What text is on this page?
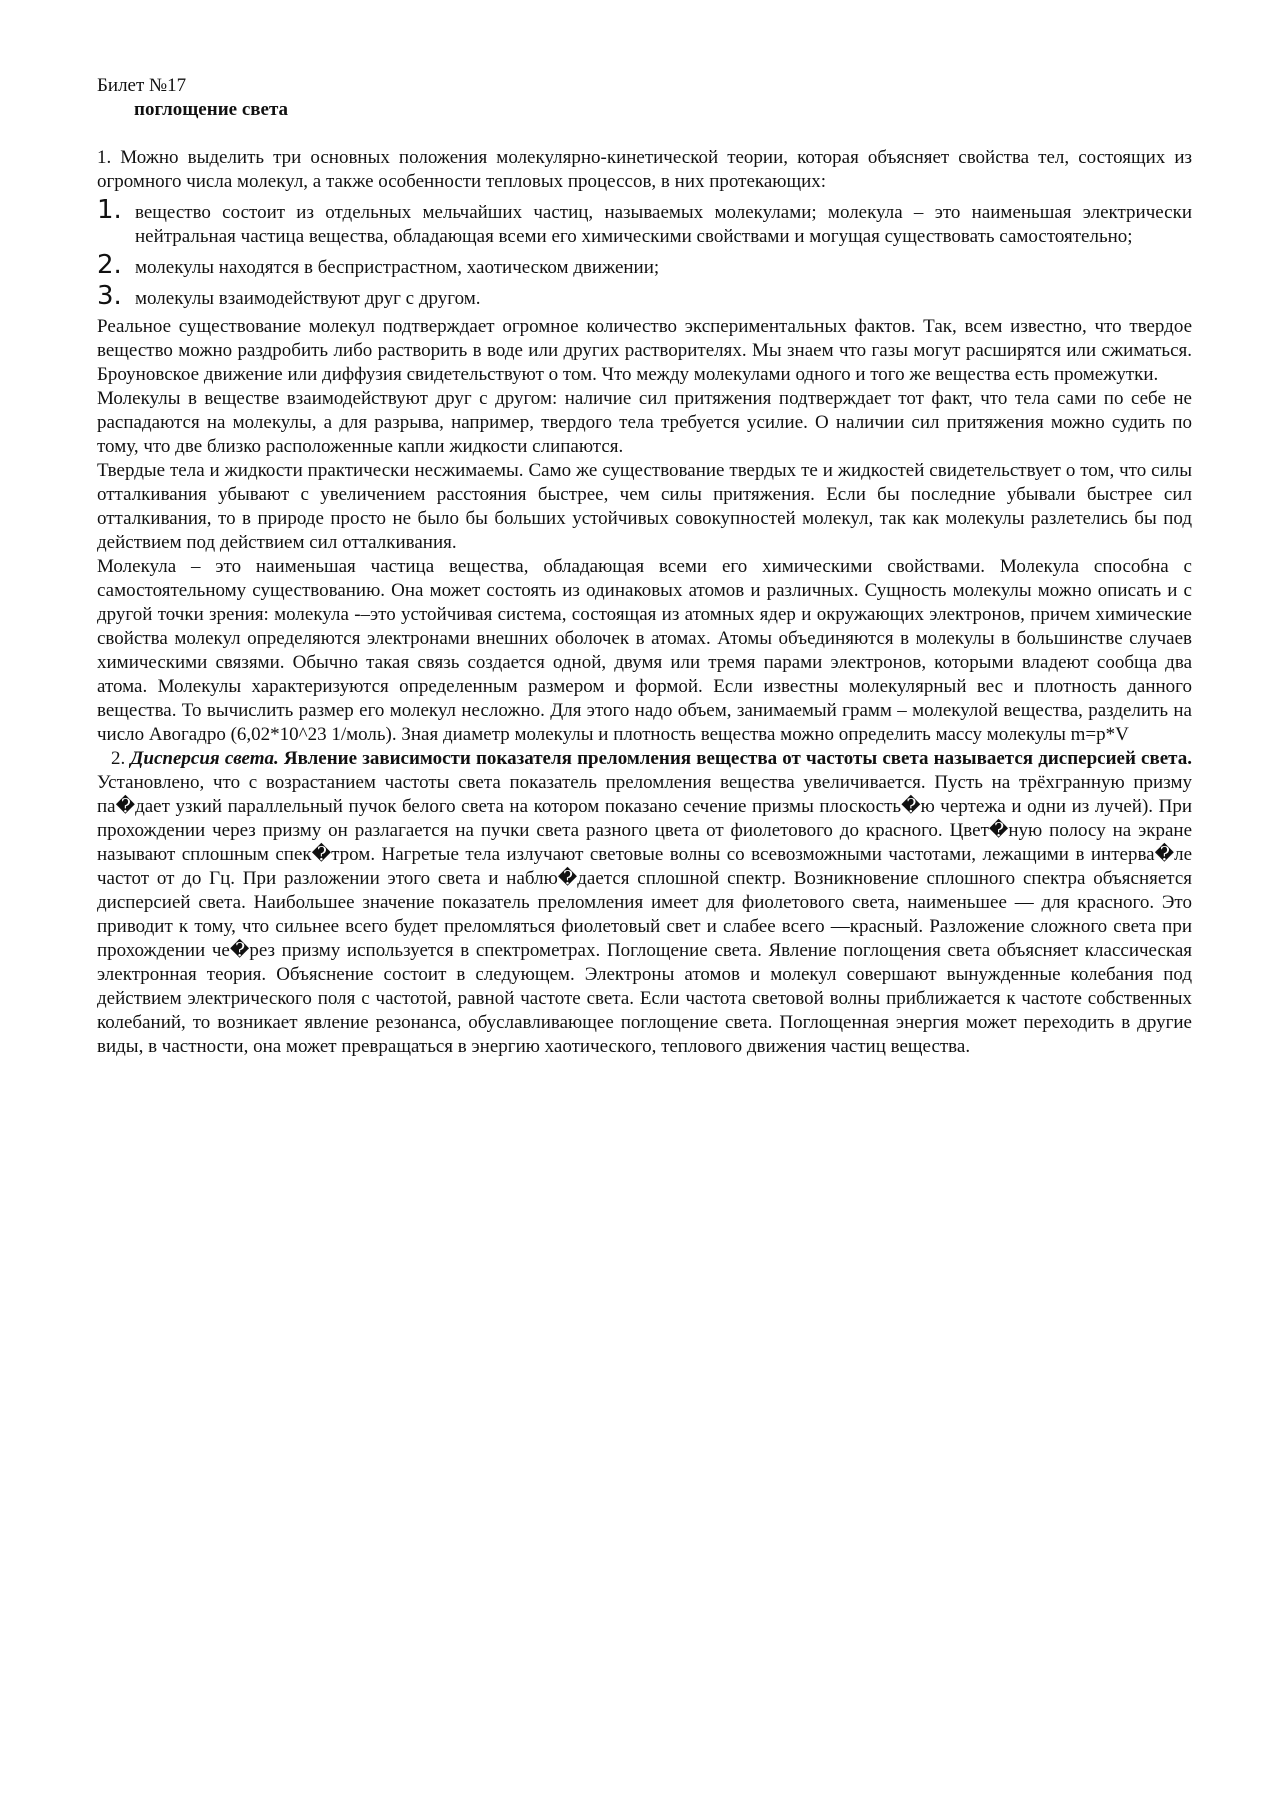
Билет №17
поглощение света

1. Можно выделить три основных положения молекулярно-кинетической теории, которая объясняет свойства тел, состоящих из огромного числа молекул, а также особенности тепловых процессов, в них протекающих:

1. вещество состоит из отдельных мельчайших частиц, называемых молекулами; молекула – это наименьшая электрически нейтральная частица вещества, обладающая всеми его химическими свойствами и могущая существовать самостоятельно;
2. молекулы находятся в беспристрастном, хаотическом движении;
3. молекулы взаимодействуют друг с другом.

Реальное существование молекул подтверждает огромное количество экспериментальных фактов. Так, всем известно, что твердое вещество можно раздробить либо растворить в воде или других растворителях. Мы знаем что газы могут расширятся или сжиматься. Броуновское движение или диффузия свидетельствуют о том. Что между молекулами одного и того же вещества есть промежутки.

Молекулы в веществе взаимодействуют друг с другом: наличие сил притяжения подтверждает тот факт, что тела сами по себе не распадаются на молекулы, а для разрыва, например, твердого тела требуется усилие. О наличии сил притяжения можно судить по тому, что две близко расположенные капли жидкости слипаются.

Твердые тела и жидкости практически несжимаемы. Само же существование твердых те и жидкостей свидетельствует о том, что силы отталкивания убывают с увеличением расстояния быстрее, чем силы притяжения. Если бы последние убывали быстрее сил отталкивания, то в природе просто не было бы больших устойчивых совокупностей молекул, так как молекулы разлетелись бы под действием под действием сил отталкивания.

Молекула – это наименьшая частица вещества, обладающая всеми его химическими свойствами. Молекула способна с самостоятельному существованию. Она может состоять из одинаковых атомов и различных. Сущность молекулы можно описать и с другой точки зрения: молекула -–это устойчивая система, состоящая из атомных ядер и окружающих электронов, причем химические свойства молекул определяются электронами внешних оболочек в атомах. Атомы объединяются в молекулы в большинстве случаев химическими связями. Обычно такая связь создается одной, двумя или тремя парами электронов, которыми владеют сообща два атома. Молекулы характеризуются определенным размером и формой. Если известны молекулярный вес и плотность данного вещества. То вычислить размер его молекул несложно. Для этого надо объем, занимаемый грамм – молекулой вещества, разделить на число Авогадро (6,02*10^23 1/моль). Зная диаметр молекулы и плотность вещества можно определить массу молекулы m=p*V

2. Дисперсия света. Явление зависимости показателя преломления вещества от частоты света называется дисперсией света. Установлено, что с возрастанием частоты света показатель преломления вещества увеличивается. Пусть на трёхгранную призму па�дает узкий параллельный пучок белого света на котором показано сечение призмы плоскость�ю чертежа и одни из лучей). При прохождении через призму он разлагается на пучки света разного цвета от фиолетового до красного. Цвет�ную полосу на экране называют сплошным спек�тром. Нагретые тела излучают световые волны со всевозможными частотами, лежащими в интерва�ле частот от до Гц. При разложении этого света и наблю�дается сплошной спектр. Возникновение сплошного спектра объясняется дисперсией света. Наибольшее значение показатель преломления имеет для фиолетового света, наименьшее — для красного. Это приводит к тому, что сильнее всего будет преломляться фиолетовый свет и слабее всего —красный. Разложение сложного света при прохождении че�рез призму используется в спектрометрах. Поглощение света. Явление поглощения света объясняет классическая электронная теория. Объяснение состоит в следующем. Электроны атомов и молекул совершают вынужденные колебания под действием электрического поля с частотой, равной частоте света. Если частота световой волны приближается к частоте собственных колебаний, то возникает явление резонанса, обуславливающее поглощение света. Поглощенная энергия может переходить в другие виды, в частности, она может превращаться в энергию хаотического, теплового движения частиц вещества.
